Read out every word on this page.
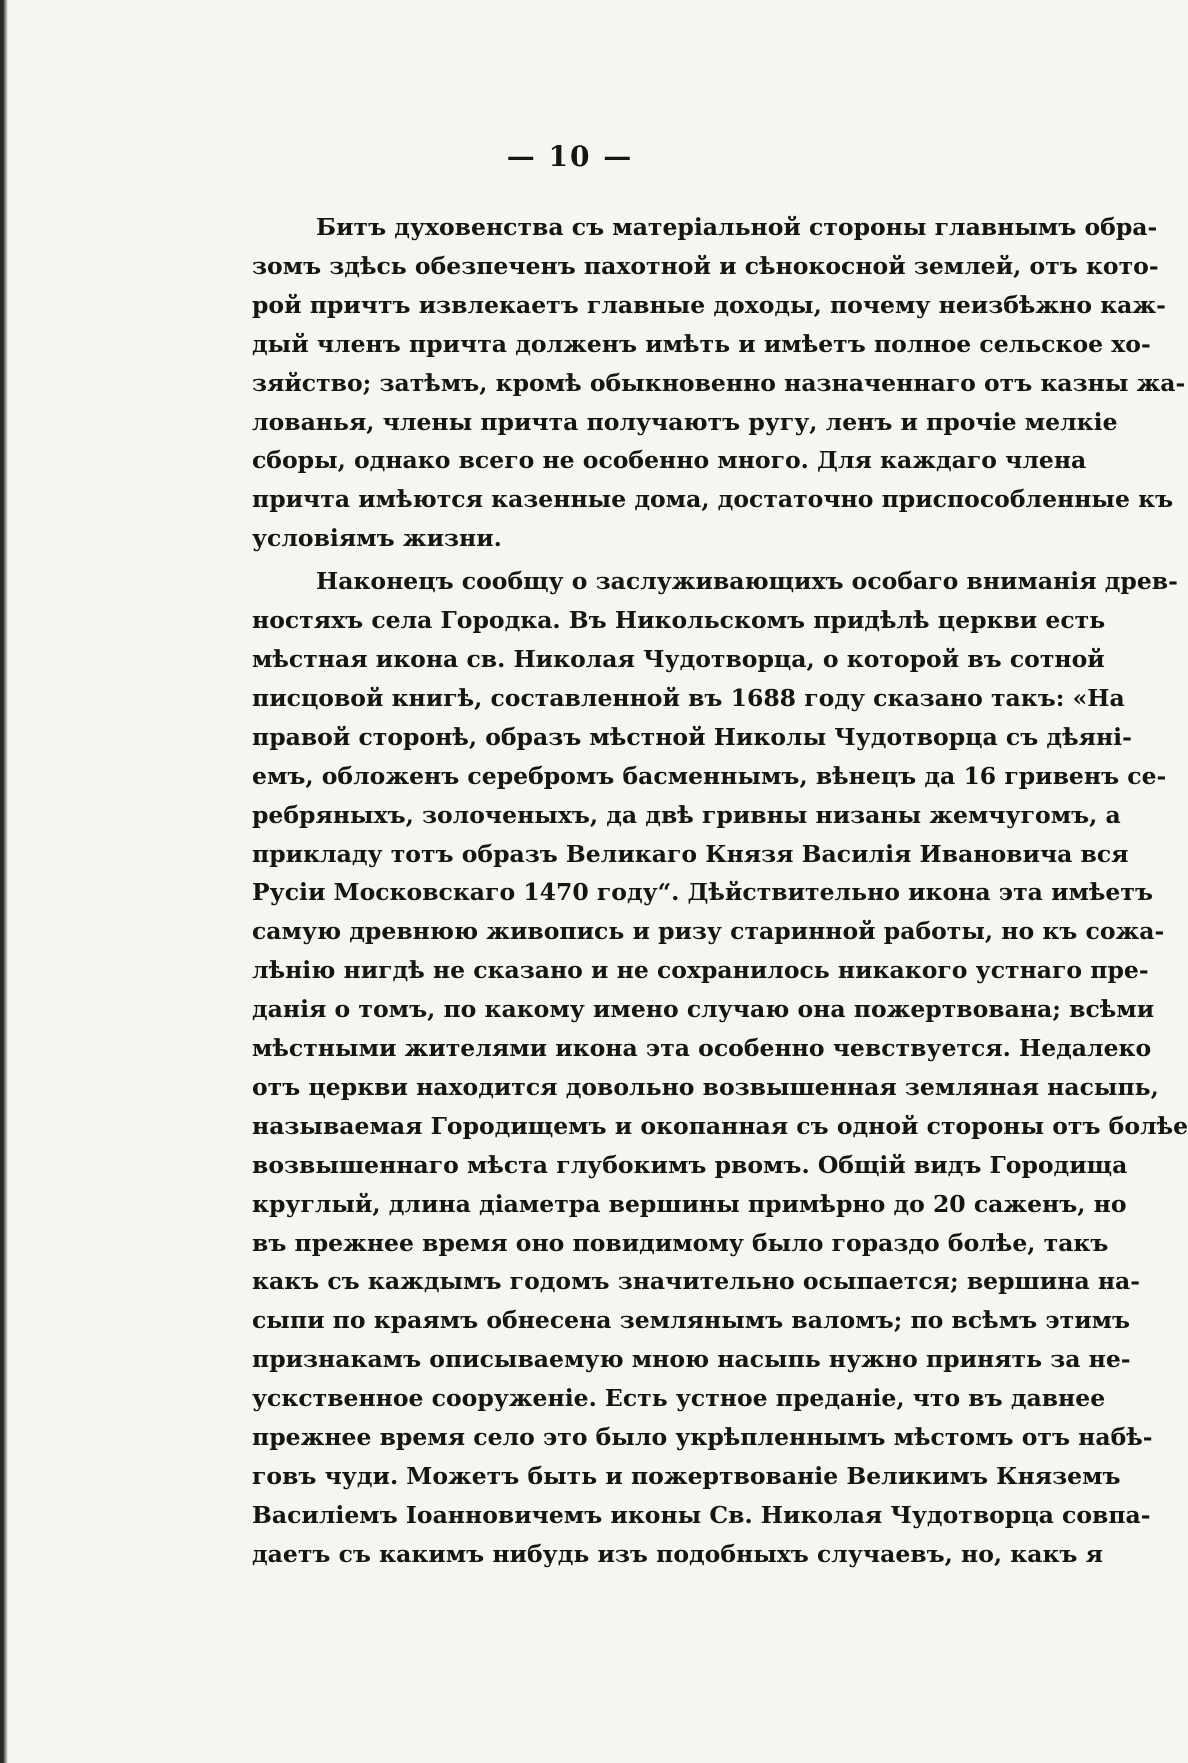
— 10 —
Битъ духовенства съ матеріальной стороны главнымъ обра-
зомъ здѣсь обезпеченъ пахотной и сѣнокосной землей, отъ кото-
рой причтъ извлекаетъ главные доходы, почему неизбѣжно каж-
дый членъ причта долженъ имѣть и имѣетъ полное сельское хо-
зяйство; затѣмъ, кромѣ обыкновенно назначеннаго отъ казны жа-
лованья, члены причта получаютъ ругу, ленъ и прочіе мелкіе
сборы, однако всего не особенно много. Для каждаго члена
причта имѣются казенные дома, достаточно приспособленные къ
условіямъ жизни.
Наконецъ сообщу о заслуживающихъ особаго вниманія древ-
ностяхъ села Городка. Въ Никольскомъ придѣлѣ церкви есть
мѣстная икона св. Николая Чудотворца, о которой въ сотной
писцовой книгѣ, составленной въ 1688 году сказано такъ: «На
правой сторонѣ, образъ мѣстной Николы Чудотворца съ дѣяні-
емъ, обложенъ серебромъ басменнымъ, вѣнецъ да 16 гривенъ се-
ребряныхъ, золоченыхъ, да двѣ гривны низаны жемчугомъ, а
прикладу тотъ образъ Великаго Князя Василія Ивановича вся
Русіи Московскаго 1470 году“. Дѣйствительно икона эта имѣетъ
самую древнюю живопись и ризу старинной работы, но къ сожа-
лѣнію нигдѣ не сказано и не сохранилось никакого устнаго пре-
данія о томъ, по какому имено случаю она пожертвована; всѣми
мѣстными жителями икона эта особенно чевствуется. Недалеко
отъ церкви находится довольно возвышенная земляная насыпь,
называемая Городищемъ и окопанная съ одной стороны отъ болѣе
возвышеннаго мѣста глубокимъ рвомъ. Общій видъ Городища
круглый, длина діаметра вершины примѣрно до 20 саженъ, но
въ прежнее время оно повидимому было гораздо болѣе, такъ
какъ съ каждымъ годомъ значительно осыпается; вершина на-
сыпи по краямъ обнесена землянымъ валомъ; по всѣмъ этимъ
признакамъ описываемую мною насыпь нужно принять за не-
ускственное сооруженіе. Есть устное преданіе, что въ давнее
прежнее время село это было укрѣпленнымъ мѣстомъ отъ набѣ-
говъ чуди. Можетъ быть и пожертвованіе Великимъ Княземъ
Василіемъ Іоанновичемъ иконы Св. Николая Чудотворца совпа-
даетъ съ какимъ нибудь изъ подобныхъ случаевъ, но, какъ я
